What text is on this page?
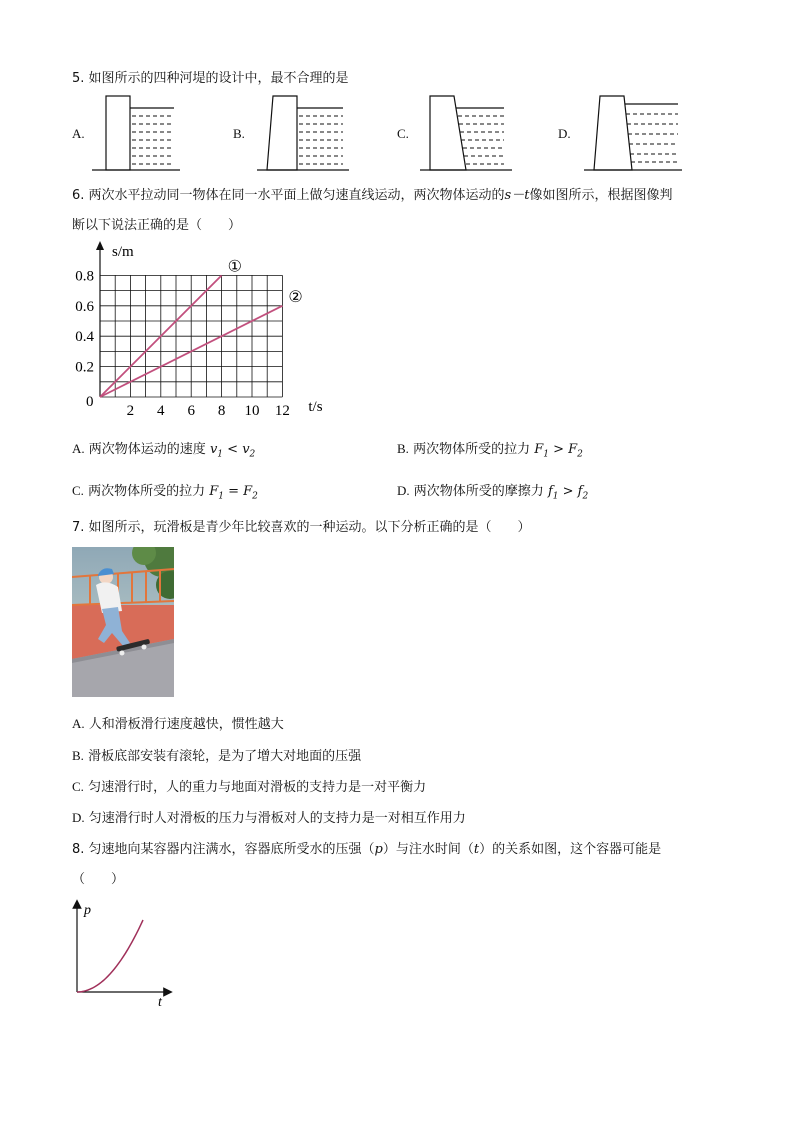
5. 如图所示的四种河堤的设计中，最不合理的是
A.	B.	C.	D.
6. 两次水平拉动同一物体在同一水平面上做匀速直线运动，两次物体运动的s－t像如图所示，根据图像判
断以下说法正确的是（　　）
s/m
t/s
0
2 4 6 8 10 12
0.2
0.4
0.6
0.8
①
②
A. 两次物体运动的速度 $v_1 < v_2$	B. 两次物体所受的拉力 $F_1 > F_2$
C. 两次物体所受的拉力 $F_1 = F_2$	D. 两次物体所受的摩擦力 $f_1 > f_2$
7. 如图所示，玩滑板是青少年比较喜欢的一种运动。以下分析正确的是（　　）
A. 人和滑板滑行速度越快，惯性越大
B. 滑板底部安装有滚轮，是为了增大对地面的压强
C. 匀速滑行时，人的重力与地面对滑板的支持力是一对平衡力
D. 匀速滑行时人对滑板的压力与滑板对人的支持力是一对相互作用力
8. 匀速地向某容器内注满水，容器底所受水的压强（p）与注水时间（t）的关系如图，这个容器可能是
（　　）
p
t
